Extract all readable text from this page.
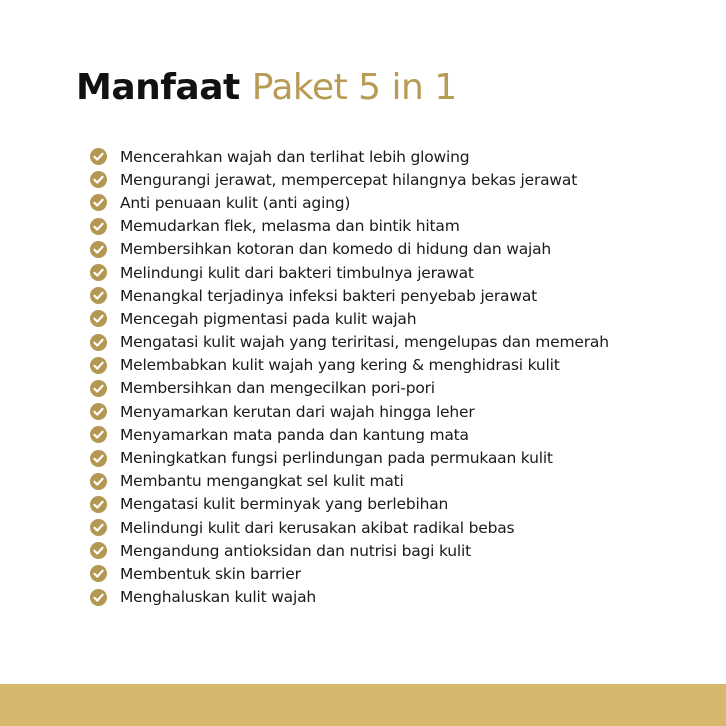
Manfaat Paket 5 in 1
Mencerahkan wajah dan terlihat lebih glowing
Mengurangi jerawat, mempercepat hilangnya bekas jerawat
Anti penuaan kulit (anti aging)
Memudarkan flek, melasma dan bintik hitam
Membersihkan kotoran dan komedo di hidung dan wajah
Melindungi kulit dari bakteri timbulnya jerawat
Menangkal terjadinya infeksi bakteri penyebab jerawat
Mencegah pigmentasi pada kulit wajah
Mengatasi kulit wajah yang teriritasi, mengelupas dan memerah
Melembabkan kulit wajah yang kering & menghidrasi kulit
Membersihkan dan mengecilkan pori-pori
Menyamarkan kerutan dari wajah hingga leher
Menyamarkan mata panda dan kantung mata
Meningkatkan fungsi perlindungan pada permukaan kulit
Membantu mengangkat sel kulit mati
Mengatasi kulit berminyak yang berlebihan
Melindungi kulit dari kerusakan akibat radikal bebas
Mengandung antioksidan dan nutrisi bagi kulit
Membentuk skin barrier
Menghaluskan kulit wajah
